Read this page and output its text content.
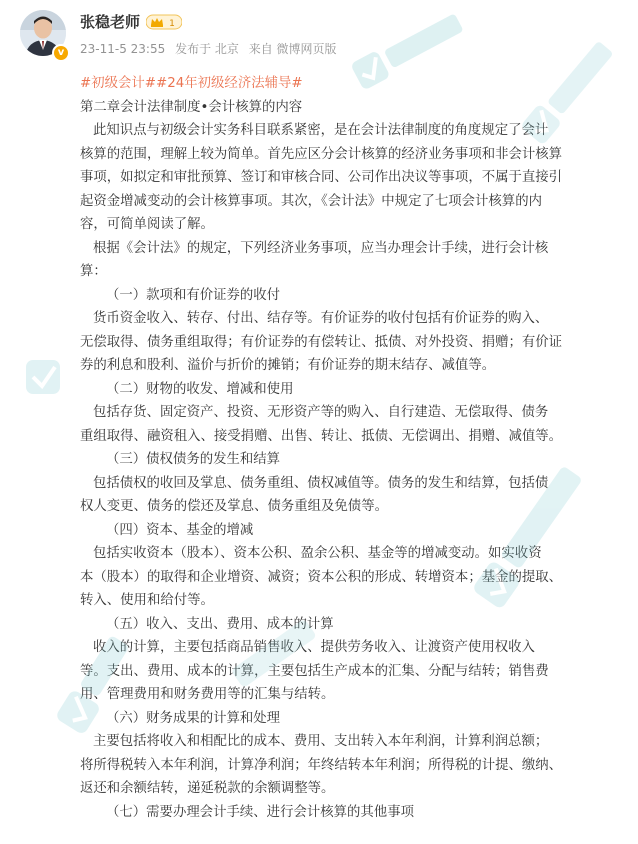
v
张稳老师	1
23-11-5 23:55 发布于 北京 来自 微博网页版
#初级会计##24年初级经济法辅导#
第二章会计法律制度•会计核算的内容
此知识点与初级会计实务科目联系紧密，是在会计法律制度的角度规定了会计
核算的范围，理解上较为简单。首先应区分会计核算的经济业务事项和非会计核算
事项，如拟定和审批预算、签订和审核合同、公司作出决议等事项，不属于直接引
起资金增减变动的会计核算事项。其次，《会计法》中规定了七项会计核算的内
容，可简单阅读了解。
根据《会计法》的规定，下列经济业务事项，应当办理会计手续，进行会计核
算：
（一）款项和有价证券的收付
货币资金收入、转存、付出、结存等。有价证券的收付包括有价证券的购入、
无偿取得、债务重组取得；有价证券的有偿转让、抵债、对外投资、捐赠；有价证
券的利息和股利、溢价与折价的摊销；有价证券的期末结存、减值等。
（二）财物的收发、增减和使用
包括存货、固定资产、投资、无形资产等的购入、自行建造、无偿取得、债务
重组取得、融资租入、接受捐赠、出售、转让、抵债、无偿调出、捐赠、减值等。
（三）债权债务的发生和结算
包括债权的收回及掌息、债务重组、债权减值等。债务的发生和结算，包括债
权人变更、债务的偿还及掌息、债务重组及免债等。
（四）资本、基金的增减
包括实收资本（股本）、资本公积、盈余公积、基金等的增减变动。如实收资
本（股本）的取得和企业增资、减资；资本公积的形成、转增资本；基金的提取、
转入、使用和给付等。
（五）收入、支出、费用、成本的计算
收入的计算，主要包括商品销售收入、提供劳务收入、让渡资产使用权收入
等。支出、费用、成本的计算，主要包括生产成本的汇集、分配与结转；销售费
用、管理费用和财务费用等的汇集与结转。
（六）财务成果的计算和处理
主要包括将收入和相配比的成本、费用、支出转入本年利润，计算利润总额；
将所得税转入本年利润，计算净利润；年终结转本年利润；所得税的计提、缴纳、
返还和余额结转，递延税款的余额调整等。
（七）需要办理会计手续、进行会计核算的其他事项
